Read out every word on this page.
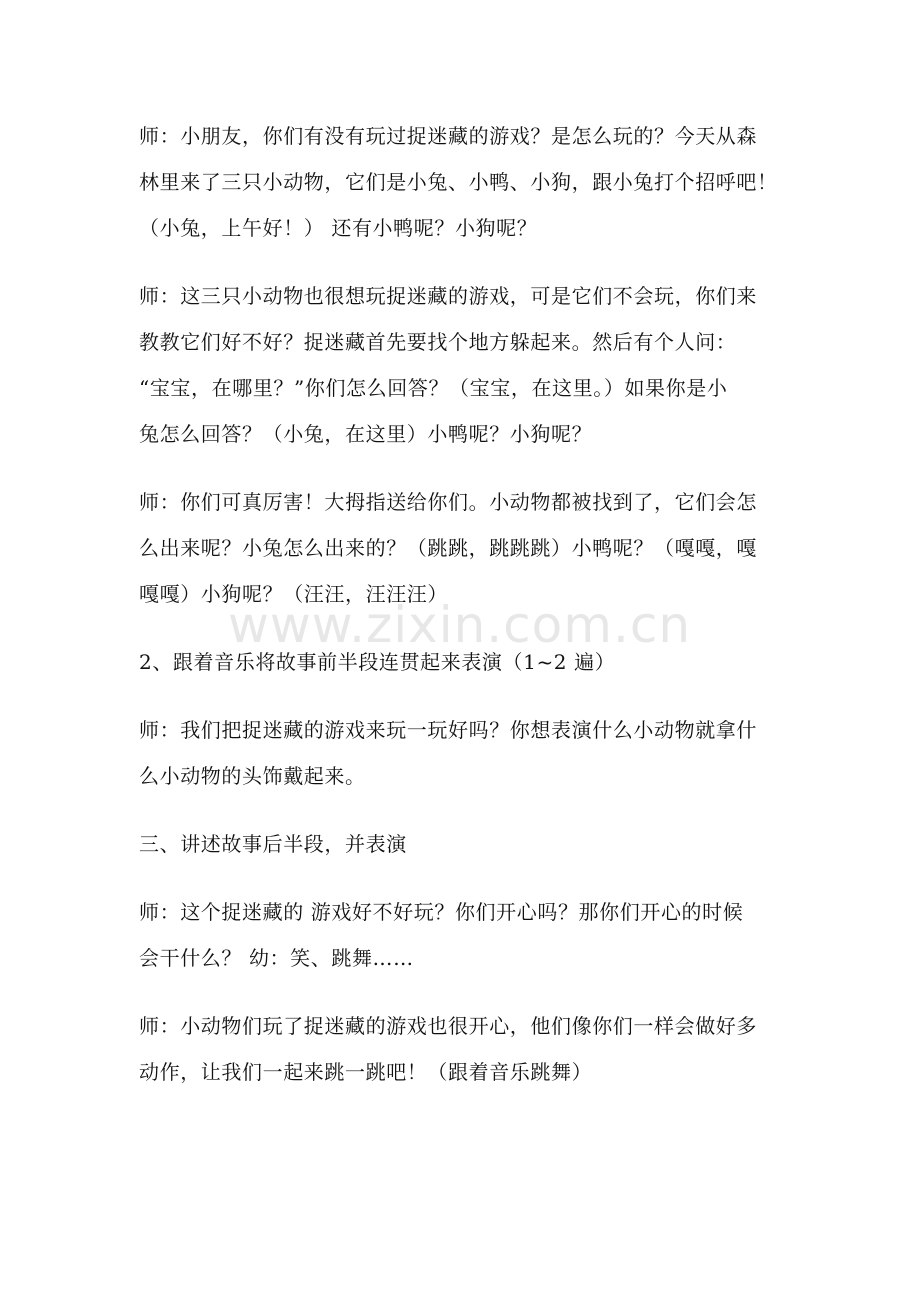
师：小朋友，你们有没有玩过捉迷藏的游戏？是怎么玩的？今天从森
林里来了三只小动物，它们是小兔、小鸭、小狗，跟小兔打个招呼吧！
（小兔，上午好！） 还有小鸭呢？小狗呢？
师：这三只小动物也很想玩捉迷藏的游戏，可是它们不会玩，你们来
教教它们好不好？捉迷藏首先要找个地方躲起来。然后有个人问：
“宝宝，在哪里？”你们怎么回答？（宝宝，在这里。）如果你是小
兔怎么回答？（小兔，在这里）小鸭呢？小狗呢？
师：你们可真厉害！大拇指送给你们。小动物都被找到了，它们会怎
么出来呢？小兔怎么出来的？（跳跳，跳跳跳）小鸭呢？（嘎嘎，嘎
嘎嘎）小狗呢？（汪汪，汪汪汪）
2、跟着音乐将故事前半段连贯起来表演（1~2 遍）
师：我们把捉迷藏的游戏来玩一玩好吗？你想表演什么小动物就拿什
么小动物的头饰戴起来。
三、讲述故事后半段，并表演
师：这个捉迷藏的 游戏好不好玩？你们开心吗？那你们开心的时候
会干什么？ 幼：笑、跳舞……
师：小动物们玩了捉迷藏的游戏也很开心，他们像你们一样会做好多
动作，让我们一起来跳一跳吧！（跟着音乐跳舞）
www.zixin.com.cn
